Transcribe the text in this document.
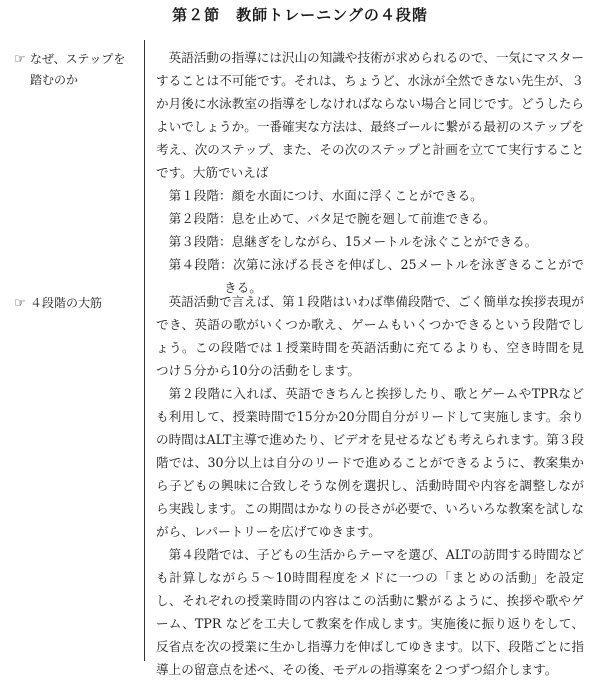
第２節　教師トレーニングの４段階
☞ なぜ、ステップを
踏むのか
☞ ４段階の大筋

英語活動の指導には沢山の知識や技術が求められるので、一気にマスターすることは不可能です。それは、ちょうど、水泳が全然できない先生が、３か月後に水泳教室の指導をしなければならない場合と同じです。どうしたらよいでしょうか。一番確実な方法は、最終ゴールに繋がる最初のステップを考え、次のステップ、また、その次のステップと計画を立てて実行することです。大筋でいえば

第１段階：顔を水面につけ、水面に浮くことができる。
第２段階：息を止めて、バタ足で腕を廻して前進できる。
第３段階：息継ぎをしながら、15メートルを泳ぐことができる。
第４段階：次第に泳げる長さを伸ばし、25メートルを泳ぎきることができる。

英語活動で言えば、第１段階はいわば準備段階で、ごく簡単な挨拶表現ができ、英語の歌がいくつか歌え、ゲームもいくつかできるという段階でしょう。この段階では１授業時間を英語活動に充てるよりも、空き時間を見つけ５分から10分の活動をします。

第２段階に入れば、英語できちんと挨拶したり、歌とゲームやTPRなども利用して、授業時間で15分か20分間自分がリードして実施します。余りの時間はALT主導で進めたり、ビデオを見せるなども考えられます。第３段階では、30分以上は自分のリードで進めることができるように、教案集から子どもの興味に合致しそうな例を選択し、活動時間や内容を調整しながら実践します。この期間はかなりの長さが必要で、いろいろな教案を試しながら、レパートリーを広げてゆきます。

第４段階では、子どもの生活からテーマを選び、ALTの訪問する時間なども計算しながら５～10時間程度をメドに一つの「まとめの活動」を設定し、それぞれの授業時間の内容はこの活動に繋がるように、挨拶や歌やゲーム、TPR などを工夫して教案を作成します。実施後に振り返りをして、反省点を次の授業に生かし指導力を伸ばしてゆきます。以下、段階ごとに指導上の留意点を述べ、その後、モデルの指導案を２つずつ紹介します。
